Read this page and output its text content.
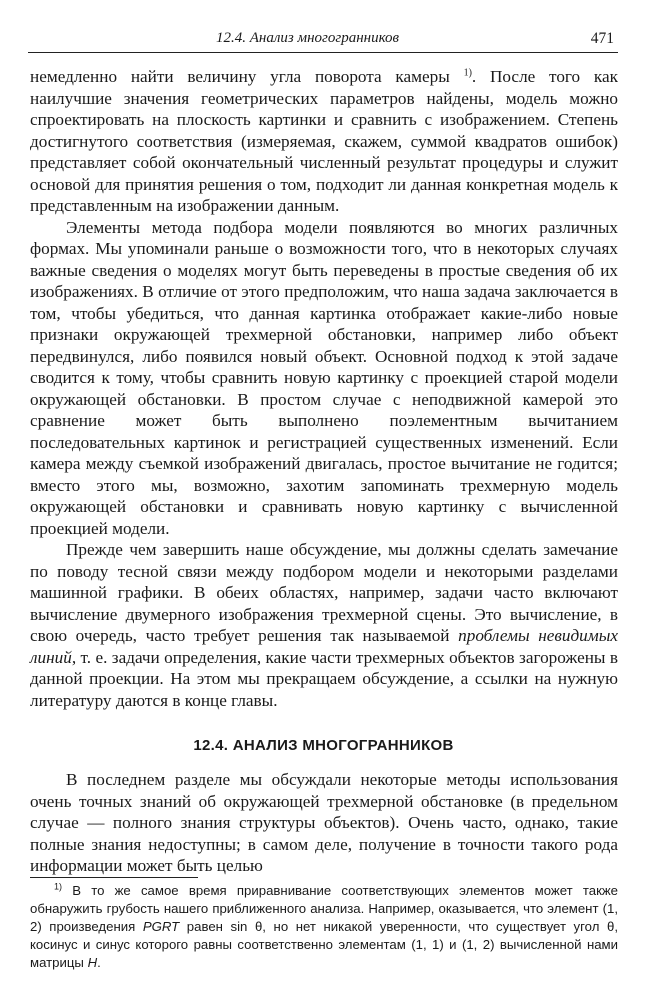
12.4. Анализ многогранников	471

немедленно найти величину угла поворота камеры $^{1)}$. После того как наилучшие значения геометрических параметров найдены, модель можно спроектировать на плоскость картинки и сравнить с изображением. Степень достигнутого соответствия (измеряемая, скажем, суммой квадратов ошибок) представляет собой окончательный численный результат процедуры и служит основой для принятия решения о том, подходит ли данная конкретная модель к представленным на изображении данным.

Элементы метода подбора модели появляются во многих различных формах. Мы упоминали раньше о возможности того, что в некоторых случаях важные сведения о моделях могут быть переведены в простые сведения об их изображениях. В отличие от этого предположим, что наша задача заключается в том, чтобы убедиться, что данная картинка отображает какие-либо новые признаки окружающей трехмерной обстановки, например либо объект передвинулся, либо появился новый объект. Основной подход к этой задаче сводится к тому, чтобы сравнить новую картинку с проекцией старой модели окружающей обстановки. В простом случае с неподвижной камерой это сравнение может быть выполнено поэлементным вычитанием последовательных картинок и регистрацией существенных изменений. Если камера между съемкой изображений двигалась, простое вычитание не годится; вместо этого мы, возможно, захотим запоминать трехмерную модель окружающей обстановки и сравнивать новую картинку с вычисленной проекцией модели.

Прежде чем завершить наше обсуждение, мы должны сделать замечание по поводу тесной связи между подбором модели и некоторыми разделами машинной графики. В обеих областях, например, задачи часто включают вычисление двумерного изображения трехмерной сцены. Это вычисление, в свою очередь, часто требует решения так называемой проблемы невидимых линий, т. е. задачи определения, какие части трехмерных объектов загорожены в данной проекции. На этом мы прекращаем обсуждение, а ссылки на нужную литературу даются в конце главы.

12.4. АНАЛИЗ МНОГОГРАННИКОВ

В последнем разделе мы обсуждали некоторые методы использования очень точных знаний об окружающей трехмерной обстановке (в предельном случае — полного знания структуры объектов). Очень часто, однако, такие полные знания недоступны; в самом деле, получение в точности такого рода информации может быть целью

$^{1)}$ В то же самое время приравнивание соответствующих элементов может также обнаружить грубость нашего приближенного анализа. Например, оказывается, что элемент (1, 2) произведения PGRT равен sin θ, но нет никакой уверенности, что существует угол θ, косинус и синус которого равны соответственно элементам (1, 1) и (1, 2) вычисленной нами матрицы H.
